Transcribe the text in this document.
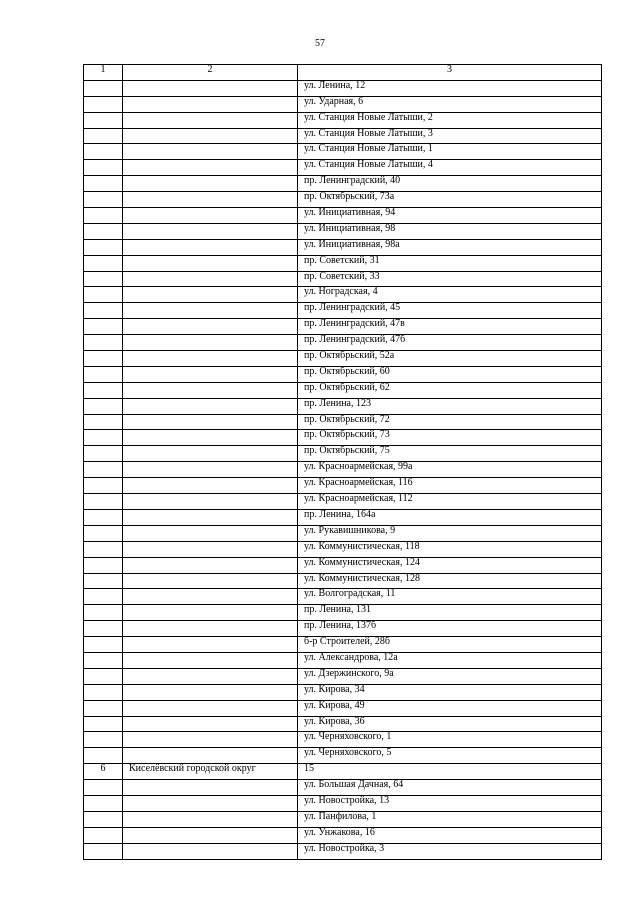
57
1	2	3
		ул. Ленина, 12
		ул. Ударная, 6
		ул. Станция Новые Латыши, 2
		ул. Станция Новые Латыши, 3
		ул. Станция Новые Латыши, 1
		ул. Станция Новые Латыши, 4
		пр. Ленинградский, 40
		пр. Октябрьский, 73а
		ул. Инициативная, 94
		ул. Инициативная, 98
		ул. Инициативная, 98а
		пр. Советский, 31
		пр. Советский, 33
		ул. Ноградская, 4
		пр. Ленинградский, 45
		пр. Ленинградский, 47в
		пр. Ленинградский, 47б
		пр. Октябрьский, 52а
		пр. Октябрьский, 60
		пр. Октябрьский, 62
		пр. Ленина, 123
		пр. Октябрьский, 72
		пр. Октябрьский, 73
		пр. Октябрьский, 75
		ул. Красноармейская, 99а
		ул. Красноармейская, 116
		ул. Красноармейская, 112
		пр. Ленина, 164а
		ул. Рукавишникова, 9
		ул. Коммунистическая, 118
		ул. Коммунистическая, 124
		ул. Коммунистическая, 128
		ул. Волгоградская, 11
		пр. Ленина, 131
		пр. Ленина, 137б
		б-р Строителей, 28б
		ул. Александрова, 12а
		ул. Дзержинского, 9а
		ул. Кирова, 34
		ул. Кирова, 49
		ул. Кирова, 36
		ул. Черняховского, 1
		ул. Черняховского, 5
6	Киселёвский городской округ	15
		ул. Большая Дачная, 64
		ул. Новостройка, 13
		ул. Панфилова, 1
		ул. Унжакова, 16
		ул. Новостройка, 3
